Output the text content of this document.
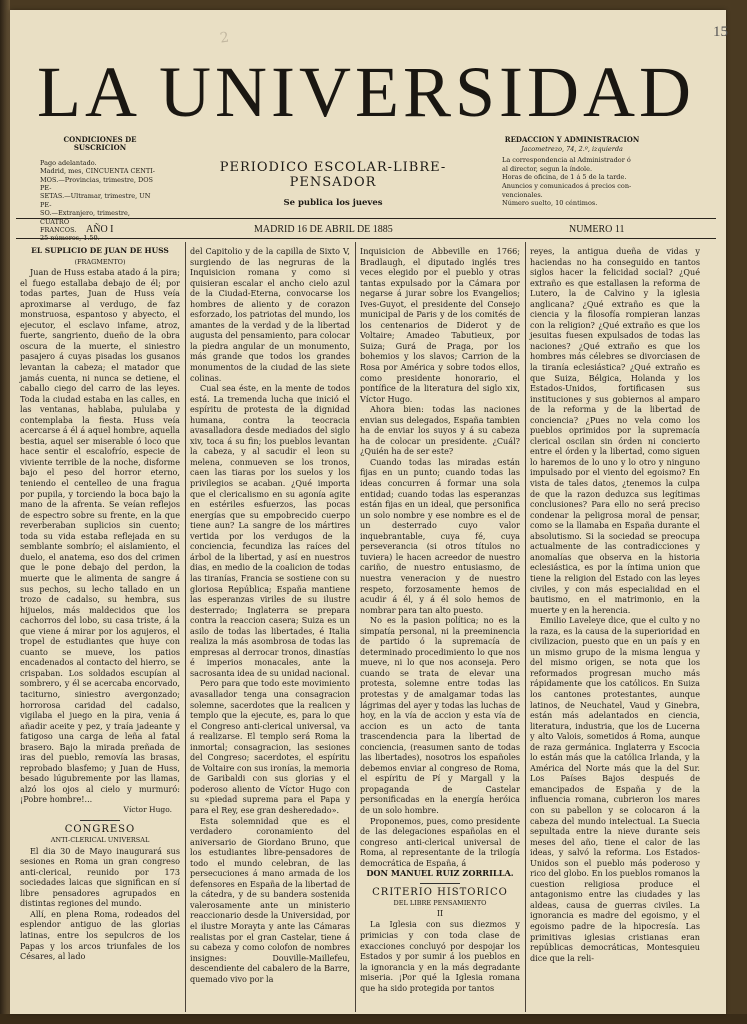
2	15
LA UNIVERSIDAD
CONDICIONES DE SUSCRICION
Pago adelantado.
Madrid, mes, CINCUENTA CENTI-
MOS.—Provincias, trimestre, DOS PE-
SETAS.—Ultramar, trimestre, UN PE-
SO.—Extranjero, trimestre, CUATRO
FRANCOS.
25 números, 1.50.
PERIODICO ESCOLAR-LIBRE-PENSADOR
Se publica los jueves
REDACCION Y ADMINISTRACION
Jacometrezo, 74, 2.º, izquierda
La correspondencia al Administrador ó
al director, segun la índole.
Horas de oficina, de 1 á 5 de la tarde.
Anuncios y comunicados á precios con-
vencionales.
Número suelto, 10 céntimos.
AÑO I	MADRID 16 DE ABRIL DE 1885	NUMERO 11

EL SUPLICIO DE JUAN DE HUSS

(FRAGMENTO)

Juan de Huss estaba atado á la pira; el fuego estallaba debajo de él; por todas partes, Juan de Huss veía aproximarse al verdugo, de faz monstruosa, espantoso y abyecto, el ejecutor, el esclavo infame, atroz, fuerte, sangriento, dueño de la obra oscura de la muerte, el siniestro pasajero á cuyas pisadas los gusanos levantan la cabeza; el matador que jamás cuenta, ni nunca se detiene, el caballo ciego del carro de las leyes. Toda la ciudad estaba en las calles, en las ventanas, hablaba, pululaba y contemplaba la fiesta. Huss veía acercarse á él á aquel hombre, aquella bestia, aquel ser miserable ó loco que hace sentir el escalofrío, especie de viviente terrible de la noche, disforme bajo el peso del horror eterno, teniendo el centelleo de una fragua por pupila, y torciendo la boca bajo la mano de la afrenta. Se veían reflejos de espectro sobre su frente, en la que reverberaban suplicios sin cuento; toda su vida estaba reflejada en su semblante sombrío; el aislamiento, el duelo, el anatema, eso dos del crimen que le pone debajo del perdon, la muerte que le alimenta de sangre á sus pechos, su lecho tallado en un trozo de cadalso, su hembra, sus hijuelos, más maldecidos que los cachorros del lobo, su casa triste, á la que viene á mirar por los agujeros, el tropel de estudiantes que huye con cuanto se mueve, los patios encadenados al contacto del hierro, se crispaban. Los soldados escupían al sombrero, y él se acercaba encorvado, taciturno, siniestro avergonzado; horrorosa caridad del cadalso, vigilaba el juego en la pira, venia á añadir aceite y pez, y traía jadeante y fatigoso una carga de leña al fatal brasero. Bajo la mirada preñada de iras del pueblo, removía las brasas, reprobado blasfemo; y Juan de Huss, besado lúgubremente por las llamas, alzó los ojos al cielo y murmuró: ¡Pobre hombre!...

Víctor Hugo.

CONGRESO

ANTI-CLERICAL UNIVERSAL

El dia 30 de Mayo inaugurará sus sesiones en Roma un gran congreso anti-clerical, reunido por 173 sociedades laicas que significan en sí libre pensadores agrupados en distintas regiones del mundo.

Allí, en plena Roma, rodeados del esplendor antiguo de las glorias latinas, entre los sepulcros de los Papas y los arcos triunfales de los Césares, al lado

del Capitolio y de la capilla de Sixto V, surgiendo de las negruras de la Inquisicion romana y como si quisieran escalar el ancho cielo azul de la Ciudad-Eterna, convocarse los hombres de aliento y de corazon esforzado, los patriotas del mundo, los amantes de la verdad y de la libertad augusta del pensamiento, para colocar la piedra angular de un monumento, más grande que todos los grandes monumentos de la ciudad de las siete colinas.

Cual sea éste, en la mente de todos está. La tremenda lucha que inició el espíritu de protesta de la dignidad humana, contra la teocracia avasalladora desde mediados del siglo xiv, toca á su fin; los pueblos levantan la cabeza, y al sacudir el leon su melena, conmueven se los tronos, caen las tiaras por los suelos y los privilegios se acaban. ¿Qué importa que el clericalismo en su agonía agite en estériles esfuerzos, las pocas energías que su empobrecido cuerpo tiene aun? La sangre de los mártires vertida por los verdugos de la conciencia, fecundiza las raíces del árbol de la libertad, y así en nuestros dias, en medio de la coalicion de todas las tiranías, Francia se sostiene con su gloriosa República; España mantiene las esperanzas viriles de su ilustre desterrado; Inglaterra se prepara contra la reaccion casera; Suiza es un asilo de todas las libertades, é Italia realiza la más asombrosa de todas las empresas al derrocar tronos, dinastías é imperios monacales, ante la sacrosanta idea de su unidad nacional.

Pero para que todo este movimiento avasallador tenga una consagracion solemne, sacerdotes que la realicen y templo que la ejecute, es, para lo que el Congreso anti-clerical universal, va á realizarse. El templo será Roma la inmortal; consagracion, las sesiones del Congreso; sacerdotes, el espíritu de Voltaire con sus ironías, la memoria de Garibaldi con sus glorias y el poderoso aliento de Víctor Hugo con su «piedad suprema para el Papa y para el Rey, ese gran desheredado».

Esta solemnidad que es el verdadero coronamiento del aniversario de Giordano Bruno, que los estudiantes libre-pensadores de todo el mundo celebran, de las persecuciones á mano armada de los defensores en España de la libertad de la cátedra, y de su bandera sostenida valerosamente ante un ministerio reaccionario desde la Universidad, por el ilustre Morayta y ante las Cámaras realistas por el gran Castelar, tiene á su cabeza y como colofon de nombres insignes: Douville-Maillefeu, descendiente del cabalero de la Barre, quemado vivo por la

Inquisicion de Abbeville en 1766; Bradlaugh, el diputado inglés tres veces elegido por el pueblo y otras tantas expulsado por la Cámara por negarse á jurar sobre los Evangelios; Ives-Guyot, el presidente del Consejo municipal de Paris y de los comités de los centenarios de Diderot y de Voltaire; Amadeo Tabutieux, por Suiza; Gurá de Praga, por los bohemios y los slavos; Carrion de la Rosa por América y sobre todos ellos, como presidente honorario, el pontífice de la literatura del siglo xix, Víctor Hugo.

Ahora bien: todas las naciones envian sus delegados, España tambien ha de enviar los suyos y á su cabeza ha de colocar un presidente. ¿Cuál? ¿Quién ha de ser este?

Cuando todas las miradas están fijas en un punto; cuando todas las ideas concurren á formar una sola entidad; cuando todas las esperanzas están fijas en un ideal, que personifica un solo nombre y ese nombre es el de un desterrado cuyo valor inquebrantable, cuya fé, cuya perseverancia (si otros títulos no tuviera) le hacen acreedor de nuestro cariño, de nuestro entusiasmo, de nuestra veneracion y de nuestro respeto, forzosamente hemos de acudir á él, y á él solo hemos de nombrar para tan alto puesto.

No es la pasion política; no es la simpatía personal, ni la preeminencia de partido ó la supremacía de determinado procedimiento lo que nos mueve, ni lo que nos aconseja. Pero cuando se trata de elevar una protesta, solemne entre todas las protestas y de amalgamar todas las lágrimas del ayer y todas las luchas de hoy, en la vía de accion y esta vía de accion es un acto de tanta trascendencia para la libertad de conciencia, (reasumen santo de todas las libertades), nosotros los españoles debemos enviar al congreso de Roma, el espíritu de Pí y Margall y la propaganda de Castelar personificadas en la energía heróica de un solo hombre.

Proponemos, pues, como presidente de las delegaciones españolas en el congreso anti-clerical universal de Roma, al representante de la trilogía democrática de España, á

DON MANUEL RUIZ ZORRILLA.

CRITERIO HISTORICO

DEL LIBRE PENSAMIENTO

II

La Iglesia con sus diezmos y primicias y con toda clase de exacciones concluyó por despojar los Estados y por sumir á los pueblos en la ignorancia y en la más degradante miseria. ¡Por qué la Iglesia romana que ha sido protegida por tantos

reyes, la antigua dueña de vidas y haciendas no ha conseguido en tantos siglos hacer la felicidad social? ¿Qué extraño es que estallasen la reforma de Lutero, la de Calvino y la iglesia anglicana? ¿Qué extraño es que la ciencia y la filosofía rompieran lanzas con la religion? ¿Qué extraño es que los jesuitas fuesen expulsados de todas las naciones? ¿Qué extraño es que los hombres más célebres se divorciasen de la tiranía eclesiástica? ¿Qué extraño es que Suiza, Bélgica, Holanda y los Estados-Unidos, fortificasen sus instituciones y sus gobiernos al amparo de la reforma y de la libertad de conciencia? ¿Pues no vela como los pueblos oprimidos por la supremacía clerical oscilan sin órden ni concierto entre el órden y la libertad, como siguen lo haremos de lo uno y lo otro y ninguno impulsado por el viento del egoismo? En vista de tales datos, ¿tenemos la culpa de que la razon deduzca sus legítimas conclusiones? Para ello no será preciso condenar la peligrosa moral de pensar, como se la llamaba en España durante el absolutismo. Si la sociedad se preocupa actualmente de las contradicciones y anomalías que observa en la historia eclesiástica, es por la íntima union que tiene la religion del Estado con las leyes civiles, y con más especialidad en el bautismo, en el matrimonio, en la muerte y en la herencia.

Emilio Laveleye dice, que el culto y no la raza, es la causa de la superioridad en civilizacion, puesto que en un país y en un mismo grupo de la misma lengua y del mismo origen, se nota que los reformados progresan mucho más rápidamente que los católicos. En Suiza los cantones protestantes, aunque latinos, de Neuchatel, Vaud y Ginebra, están más adelantados en ciencia, literatura, industria, que los de Lucerna y alto Valois, sometidos á Roma, aunque de raza germánica. Inglaterra y Escocia lo están más que la católica Irlanda, y la América del Norte más que la del Sur. Los Países Bajos después de emancipados de España y de la influencia romana, cubrieron los mares con su pabellon y se colocaron á la cabeza del mundo intelectual. La Suecia sepultada entre la nieve durante seis meses del año, tiene el calor de las ideas, y salvó la reforma. Los Estados-Unidos son el pueblo más poderoso y rico del globo. En los pueblos romanos la cuestion religiosa produce el antagonismo entre las ciudades y las aldeas, causa de guerras civiles. La ignorancia es madre del egoismo, y el egoismo padre de la hipocresía. Las primitivas iglesias cristianas eran repúblicas democráticas, Montesquieu dice que la reli-
